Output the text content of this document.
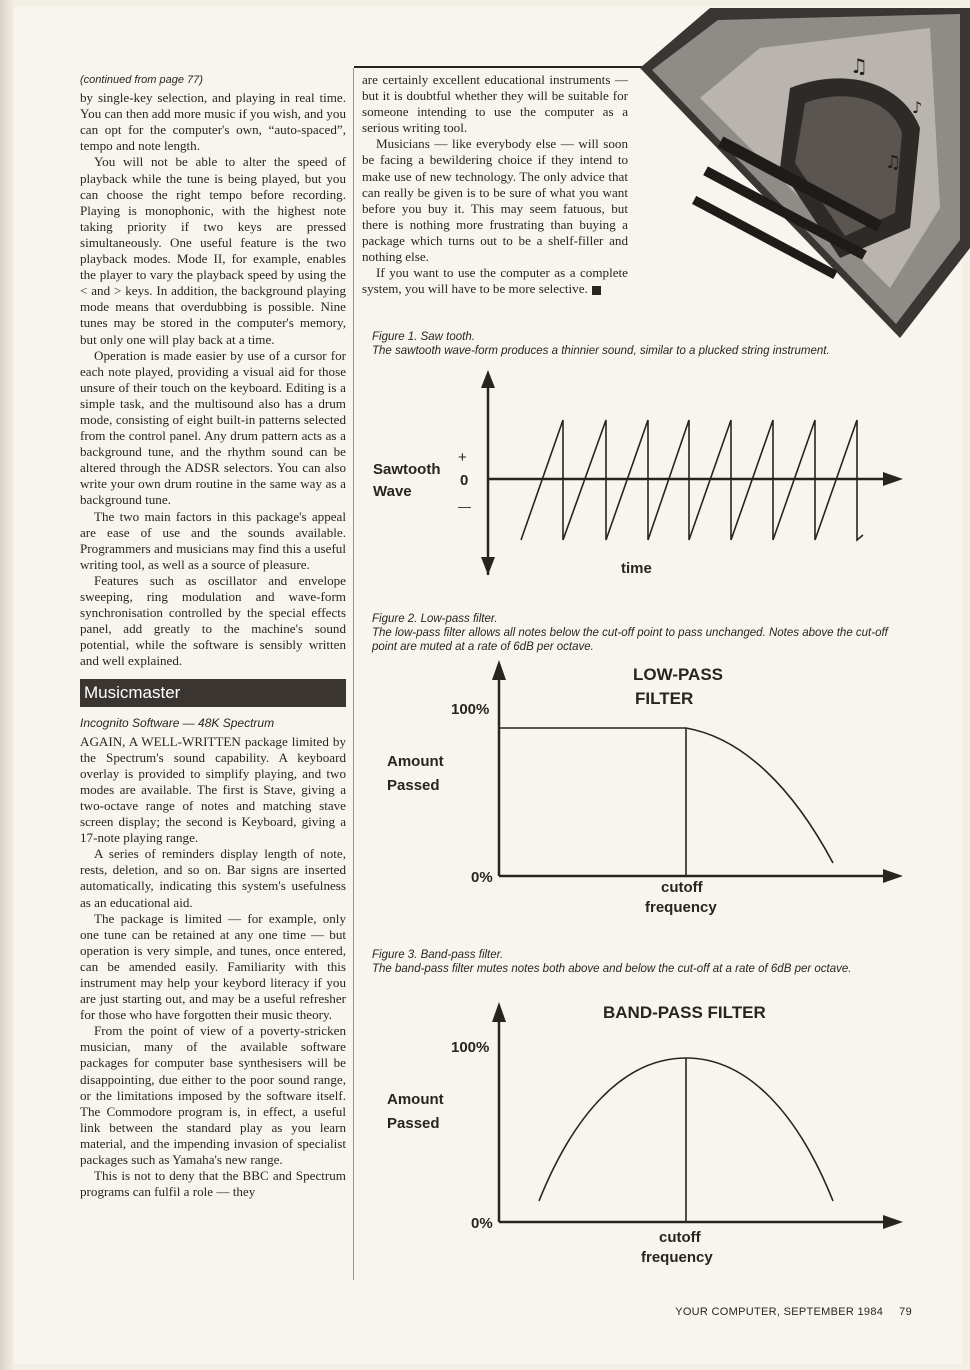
(continued from page 77)

by single-key selection, and playing in real time. You can then add more music if you wish, and you can opt for the computer's own, “auto-spaced”, tempo and note length.

You will not be able to alter the speed of playback while the tune is being played, but you can choose the right tempo before recording. Playing is monophonic, with the highest note taking priority if two keys are pressed simultaneously. One useful feature is the two playback modes. Mode II, for example, enables the player to vary the playback speed by using the < and > keys. In addition, the background playing mode means that overdubbing is possible. Nine tunes may be stored in the computer's memory, but only one will play back at a time.

Operation is made easier by use of a cursor for each note played, providing a visual aid for those unsure of their touch on the keyboard. Editing is a simple task, and the multisound also has a drum mode, consisting of eight built-in patterns selected from the control panel. Any drum pattern acts as a background tune, and the rhythm sound can be altered through the ADSR selectors. You can also write your own drum routine in the same way as a background tune.

The two main factors in this package's appeal are ease of use and the sounds available. Programmers and musicians may find this a useful writing tool, as well as a source of pleasure.

Features such as oscillator and envelope sweeping, ring modulation and wave-form synchronisation controlled by the special effects panel, add greatly to the machine's sound potential, while the software is sensibly written and well explained.

Musicmaster
Incognito Software — 48K Spectrum

AGAIN, A WELL-WRITTEN package limited by the Spectrum's sound capability. A keyboard overlay is provided to simplify playing, and two modes are available. The first is Stave, giving a two-octave range of notes and matching stave screen display; the second is Keyboard, giving a 17-note playing range.

A series of reminders display length of note, rests, deletion, and so on. Bar signs are inserted automatically, indicating this system's usefulness as an educational aid.

The package is limited — for example, only one tune can be retained at any one time — but operation is very simple, and tunes, once entered, can be amended easily. Familiarity with this instrument may help your keybord literacy if you are just starting out, and may be a useful refresher for those who have forgotten their music theory.

From the point of view of a poverty-stricken musician, many of the available software packages for computer base synthesisers will be disappointing, due either to the poor sound range, or the limitations imposed by the software itself. The Commodore program is, in effect, a useful link between the standard play as you learn material, and the impending invasion of specialist packages such as Yamaha's new range.

This is not to deny that the BBC and Spectrum programs can fulfil a role — they

are certainly excellent educational instruments — but it is doubtful whether they will be suitable for someone intending to use the computer as a serious writing tool.

Musicians — like everybody else — will soon be facing a bewildering choice if they intend to make use of new technology. The only advice that can really be given is to be sure of what you want before you buy it. This may seem fatuous, but there is nothing more frustrating than buying a package which turns out to be a shelf-filler and nothing else.

If you want to use the computer as a complete system, you will have to be more selective.

♫
♪
♫
Figure 1. Saw tooth.
The sawtooth wave-form produces a thinnier sound, similar to a plucked string instrument.
Sawtooth
Wave
+
0
—
time
Figure 2. Low-pass filter.
The low-pass filter allows all notes below the cut-off point to pass unchanged. Notes above the cut-off point are muted at a rate of 6dB per octave.
LOW-PASS
FILTER
100%
0%
Amount
Passed
cutoff
frequency
Figure 3. Band-pass filter.
The band-pass filter mutes notes both above and below the cut-off at a rate of 6dB per octave.
BAND-PASS FILTER
100%
0%
Amount
Passed
cutoff
frequency
YOUR COMPUTER, SEPTEMBER 1984 79
